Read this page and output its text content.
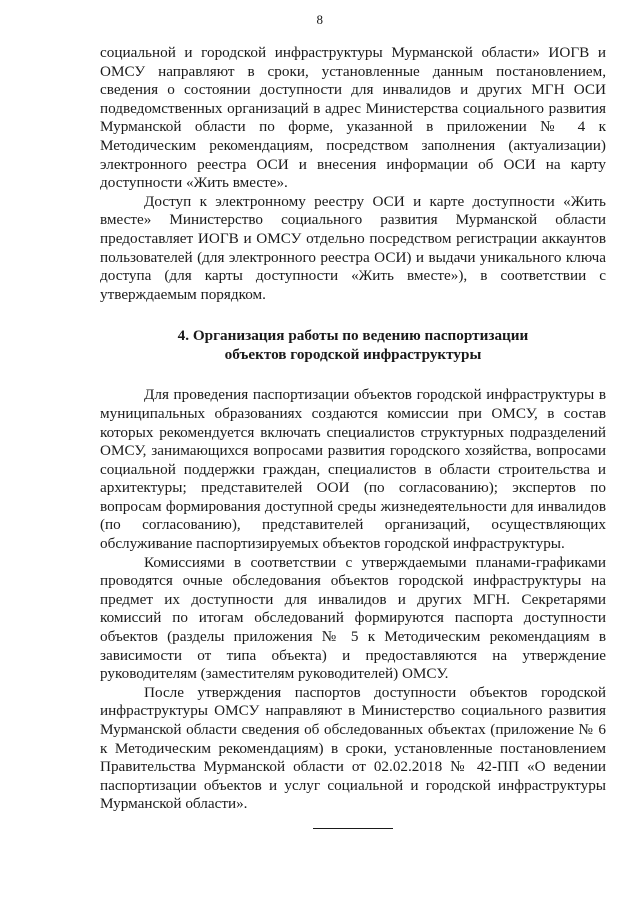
8

социальной и городской инфраструктуры Мурманской области» ИОГВ и ОМСУ направляют в сроки, установленные данным постановлением, сведения о состоянии доступности для инвалидов и других МГН ОСИ подведомственных организаций в адрес Министерства социального развития Мурманской области по форме, указанной в приложении № 4 к Методическим рекомендациям, посредством заполнения (актуализации) электронного реестра ОСИ и внесения информации об ОСИ на карту доступности «Жить вместе».

Доступ к электронному реестру ОСИ и карте доступности «Жить вместе» Министерство социального развития Мурманской области предоставляет ИОГВ и ОМСУ отдельно посредством регистрации аккаунтов пользователей (для электронного реестра ОСИ) и выдачи уникального ключа доступа (для карты доступности «Жить вместе»), в соответствии с утверждаемым порядком.

4. Организация работы по ведению паспортизации
объектов городской инфраструктуры

Для проведения паспортизации объектов городской инфраструктуры в муниципальных образованиях создаются комиссии при ОМСУ, в состав которых рекомендуется включать специалистов структурных подразделений ОМСУ, занимающихся вопросами развития городского хозяйства, вопросами социальной поддержки граждан, специалистов в области строительства и архитектуры; представителей ООИ (по согласованию); экспертов по вопросам формирования доступной среды жизнедеятельности для инвалидов (по согласованию), представителей организаций, осуществляющих обслуживание паспортизируемых объектов городской инфраструктуры.

Комиссиями в соответствии с утверждаемыми планами-графиками проводятся очные обследования объектов городской инфраструктуры на предмет их доступности для инвалидов и других МГН. Секретарями комиссий по итогам обследований формируются паспорта доступности объектов (разделы приложения № 5 к Методическим рекомендациям в зависимости от типа объекта) и предоставляются на утверждение руководителям (заместителям руководителей) ОМСУ.

После утверждения паспортов доступности объектов городской инфраструктуры ОМСУ направляют в Министерство социального развития Мурманской области сведения об обследованных объектах (приложение № 6 к Методическим рекомендациям) в сроки, установленные постановлением Правительства Мурманской области от 02.02.2018 № 42-ПП «О ведении паспортизации объектов и услуг социальной и городской инфраструктуры Мурманской области».
